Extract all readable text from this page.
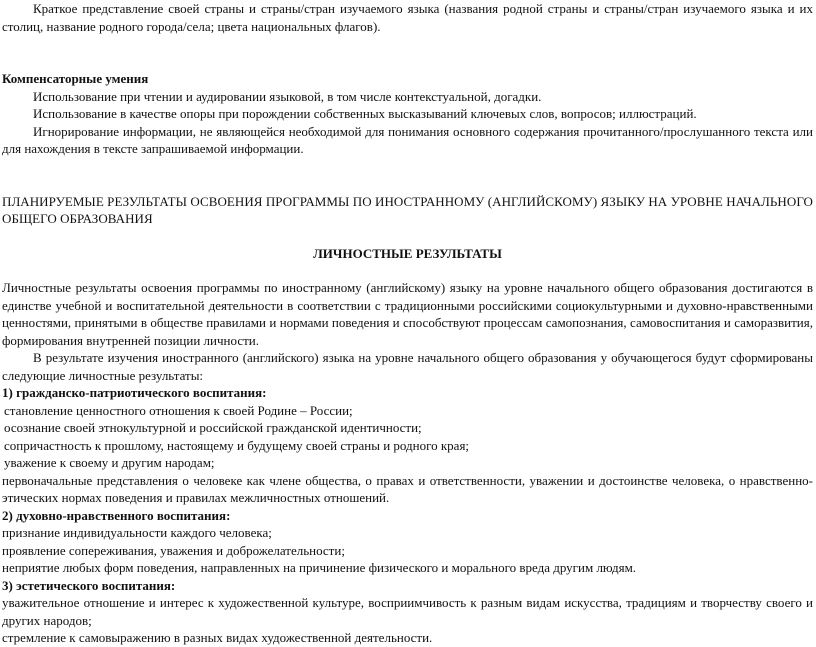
Краткое представление своей страны и страны/стран изучаемого языка (названия родной страны и страны/стран изучаемого языка и их столиц, название родного города/села; цвета национальных флагов).

Компенсаторные умения

Использование при чтении и аудировании языковой, в том числе контекстуальной, догадки.

Использование в качестве опоры при порождении собственных высказываний ключевых слов, вопросов; иллюстраций.

Игнорирование информации, не являющейся необходимой для понимания основного содержания прочитанного/прослушанного текста или для нахождения в тексте запрашиваемой информации.

ПЛАНИРУЕМЫЕ РЕЗУЛЬТАТЫ ОСВОЕНИЯ ПРОГРАММЫ ПО ИНОСТРАННОМУ (АНГЛИЙСКОМУ) ЯЗЫКУ НА УРОВНЕ НАЧАЛЬНОГО ОБЩЕГО ОБРАЗОВАНИЯ

ЛИЧНОСТНЫЕ РЕЗУЛЬТАТЫ

Личностные результаты освоения программы по иностранному (английскому) языку на уровне начального общего образования достигаются в единстве учебной и воспитательной деятельности в соответствии с традиционными российскими социокультурными и духовно-нравственными ценностями, принятыми в обществе правилами и нормами поведения и способствуют процессам самопознания, самовоспитания и саморазвития, формирования внутренней позиции личности.

В результате изучения иностранного (английского) языка на уровне начального общего образования у обучающегося будут сформированы следующие личностные результаты:

1) гражданско-патриотического воспитания:

становление ценностного отношения к своей Родине – России;

осознание своей этнокультурной и российской гражданской идентичности;

сопричастность к прошлому, настоящему и будущему своей страны и родного края;

уважение к своему и другим народам;

первоначальные представления о человеке как члене общества, о правах и ответственности, уважении и достоинстве человека, о нравственно-этических нормах поведения и правилах межличностных отношений.

2) духовно-нравственного воспитания:

признание индивидуальности каждого человека;

проявление сопереживания, уважения и доброжелательности;

неприятие любых форм поведения, направленных на причинение физического и морального вреда другим людям.

3) эстетического воспитания:

уважительное отношение и интерес к художественной культуре, восприимчивость к разным видам искусства, традициям и творчеству своего и других народов;

стремление к самовыражению в разных видах художественной деятельности.
